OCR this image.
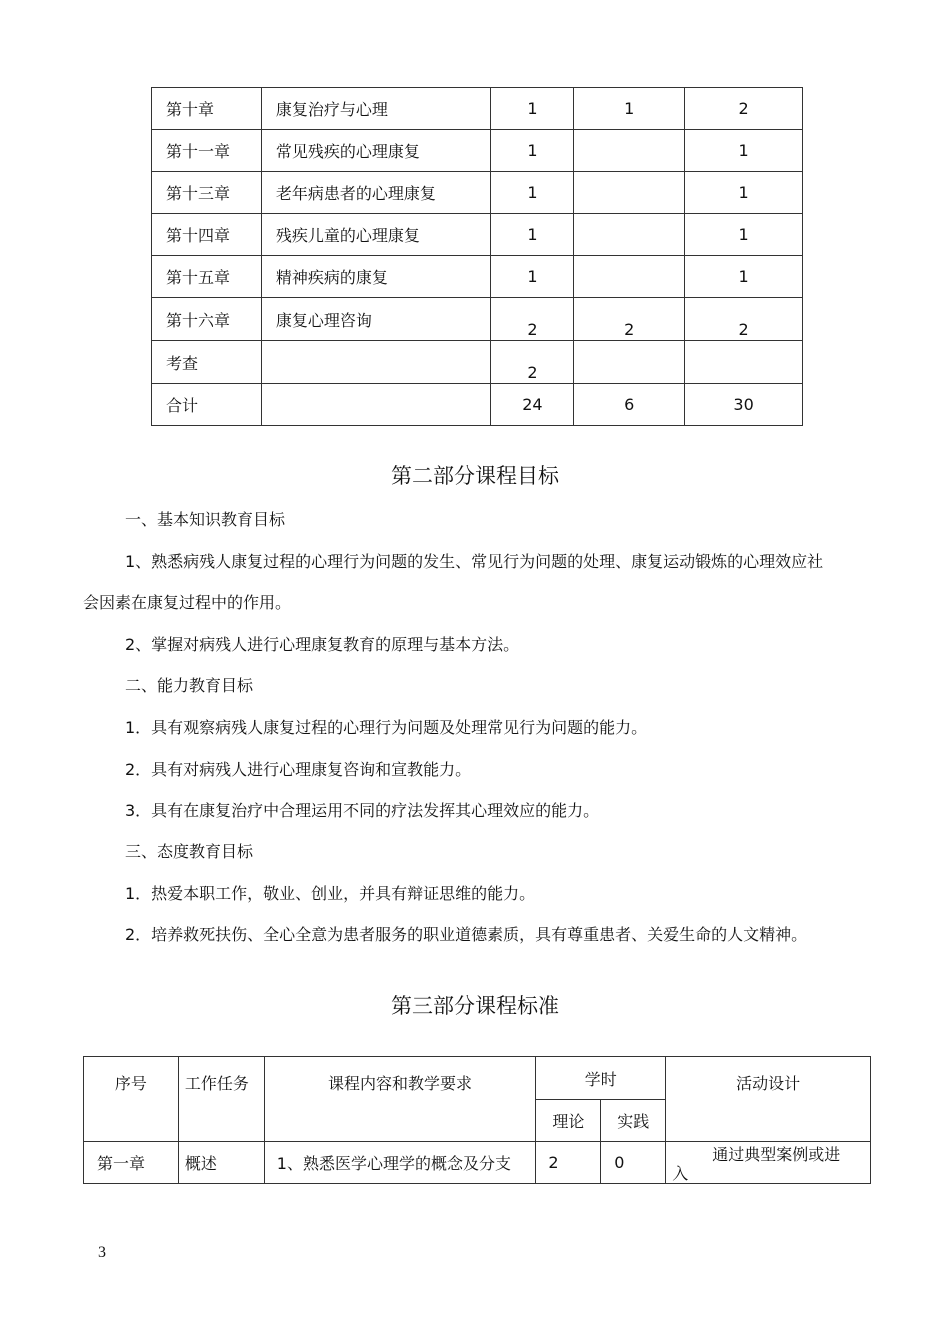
第十章	康复治疗与心理	1	1	2
第十一章	常见残疾的心理康复	1		1
第十三章	老年病患者的心理康复	1		1
第十四章	残疾儿童的心理康复	1		1
第十五章	精神疾病的康复	1		1
第十六章	康复心理咨询	2	2	2
考查		2		
合计		24	6	30
第二部分课程目标
一、基本知识教育目标
1、熟悉病残人康复过程的心理行为问题的发生、常见行为问题的处理、康复运动锻炼的心理效应社
会因素在康复过程中的作用。
2、掌握对病残人进行心理康复教育的原理与基本方法。
二、能力教育目标
1．具有观察病残人康复过程的心理行为问题及处理常见行为问题的能力。
2．具有对病残人进行心理康复咨询和宣教能力。
3．具有在康复治疗中合理运用不同的疗法发挥其心理效应的能力。
三、态度教育目标
1．热爱本职工作，敬业、创业，并具有辩证思维的能力。
2．培养救死扶伤、全心全意为患者服务的职业道德素质，具有尊重患者、关爱生命的人文精神。
第三部分课程标准
序号	工作任务	课程内容和教学要求	学时		活动设计
			理论	实践	
第一章	概述	1、熟悉医学心理学的概念及分支	2	0	通过典型案例或进
入
3
